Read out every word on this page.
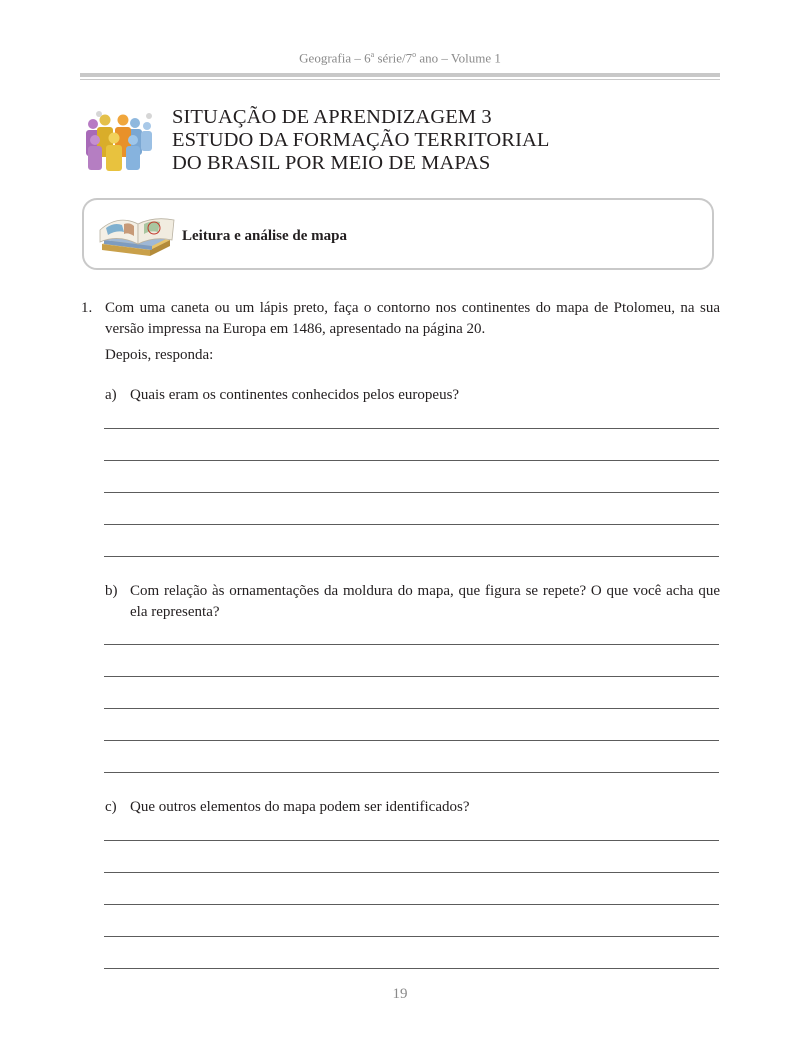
Geografia – 6$^a$ série/7$^o$ ano – Volume 1
SITUAÇÃO DE APRENDIZAGEM 3
ESTUDO DA FORMAÇÃO TERRITORIAL
DO BRASIL POR MEIO DE MAPAS
Leitura e análise de mapa
1. Com uma caneta ou um lápis preto, faça o contorno nos continentes do mapa de Ptolomeu, na sua versão impressa na Europa em 1486, apresentado na página 20.
Depois, responda:
a) Quais eram os continentes conhecidos pelos europeus?
b) Com relação às ornamentações da moldura do mapa, que figura se repete? O que você acha que ela representa?
c) Que outros elementos do mapa podem ser identificados?
19
